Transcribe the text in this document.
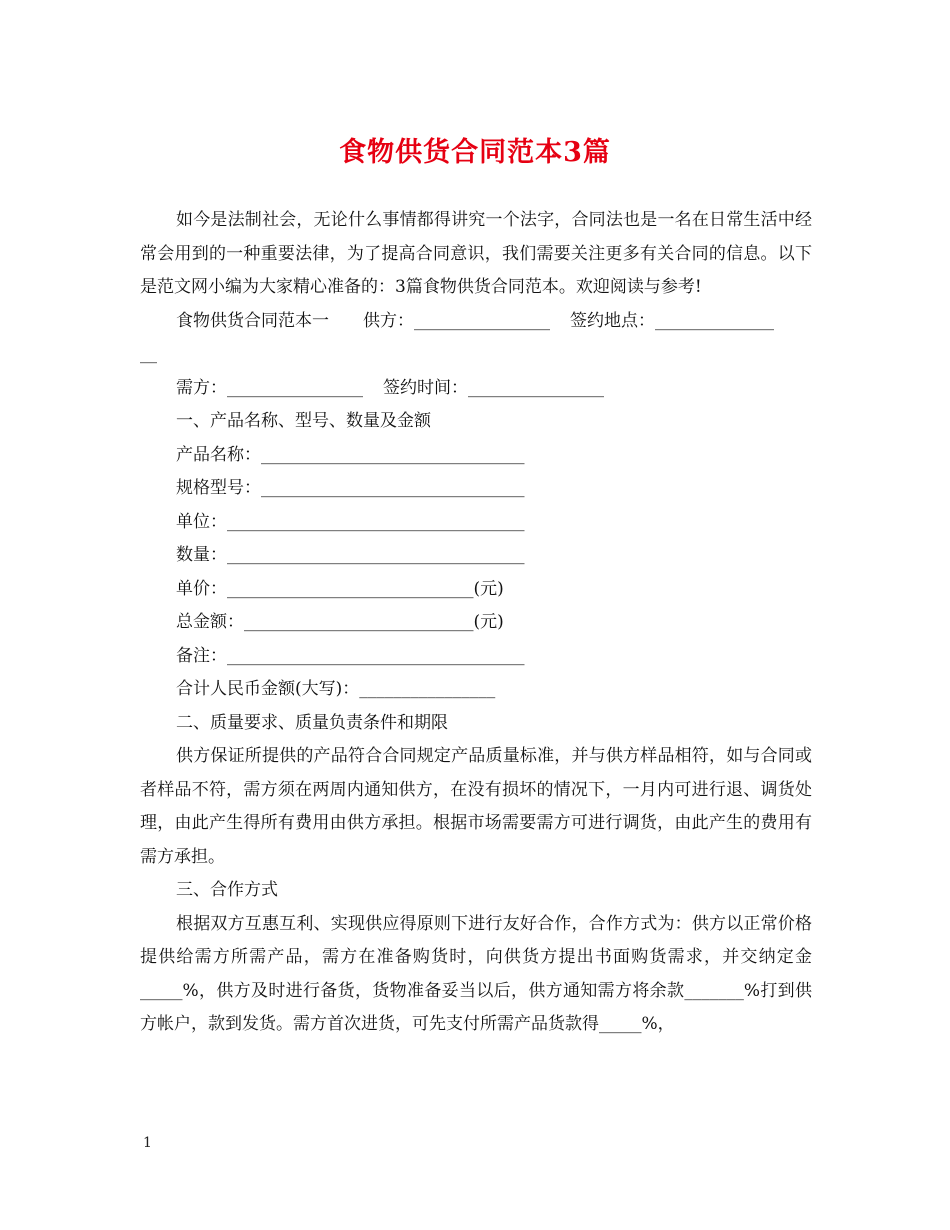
食物供货合同范本3篇

如今是法制社会，无论什么事情都得讲究一个法字，合同法也是一名在日常生活中经常会用到的一种重要法律，为了提高合同意识，我们需要关注更多有关合同的信息。以下是范文网小编为大家精心准备的：3篇食物供货合同范本。欢迎阅读与参考!

食物供货合同范本一 供方：________________ 签约地点：______________

__

需方：________________ 签约时间：________________

一、产品名称、型号、数量及金额

产品名称：_______________________________

规格型号：_______________________________

单位：___________________________________

数量：___________________________________

单价：_____________________________(元)

总金额：___________________________(元)

备注：___________________________________

合计人民币金额(大写)：________________

二、质量要求、质量负责条件和期限

供方保证所提供的产品符合合同规定产品质量标准，并与供方样品相符，如与合同或者样品不符，需方须在两周内通知供方，在没有损坏的情况下，一月内可进行退、调货处理，由此产生得所有费用由供方承担。根据市场需要需方可进行调货，由此产生的费用有需方承担。

三、合作方式

根据双方互惠互利、实现供应得原则下进行友好合作，合作方式为：供方以正常价格提供给需方所需产品，需方在准备购货时，向供货方提出书面购货需求，并交纳定金_____%，供方及时进行备货，货物准备妥当以后，供方通知需方将余款_______%打到供方帐户，款到发货。需方首次进货，可先支付所需产品货款得_____%，

1
